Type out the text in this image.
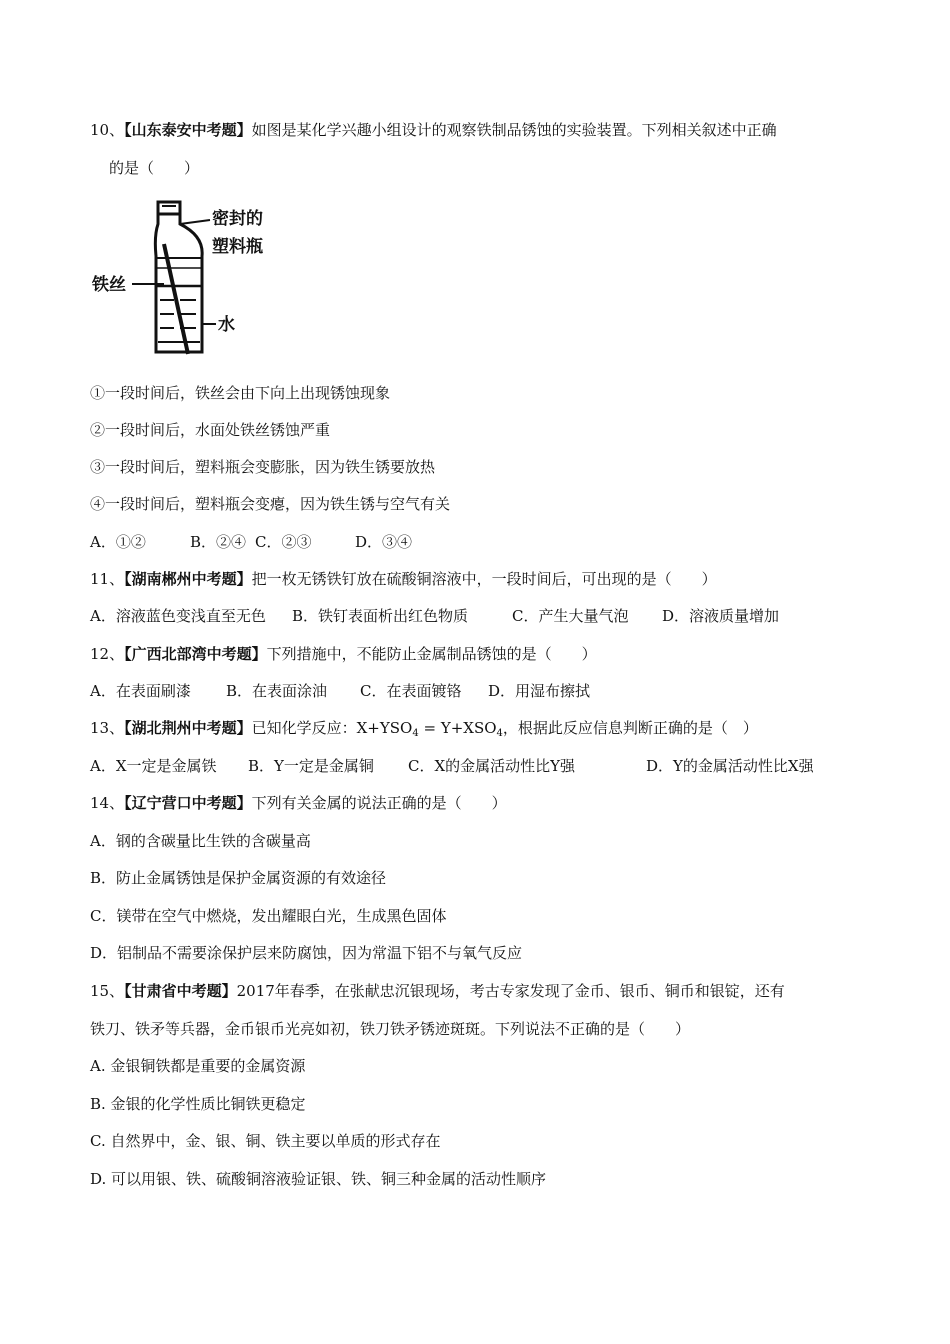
10、【山东泰安中考题】如图是某化学兴趣小组设计的观察铁制品锈蚀的实验装置。下列相关叙述中正确
的是（　　）
密封的
塑料瓶
铁丝
水
①一段时间后，铁丝会由下向上出现锈蚀现象
②一段时间后，水面处铁丝锈蚀严重
③一段时间后，塑料瓶会变膨胀，因为铁生锈要放热
④一段时间后，塑料瓶会变瘪，因为铁生锈与空气有关
A．①②	B．②④ C．②③	D．③④
11、【湖南郴州中考题】把一枚无锈铁钉放在硫酸铜溶液中，一段时间后，可出现的是（　　）
A．溶液蓝色变浅直至无色 B．铁钉表面析出红色物质	C．产生大量气泡 D．溶液质量增加
12、【广西北部湾中考题】下列措施中，不能防止金属制品锈蚀的是（　　）
A．在表面刷漆 B．在表面涂油 C．在表面镀铬 D．用湿布擦拭
13、【湖北荆州中考题】已知化学反应：$X+YSO_4 = Y+XSO_4$，根据此反应信息判断正确的是（　）
A．X一定是金属铁 B．Y一定是金属铜 C．X的金属活动性比Y强	D．Y的金属活动性比X强
14、【辽宁营口中考题】下列有关金属的说法正确的是（　　）
A．钢的含碳量比生铁的含碳量高
B．防止金属锈蚀是保护金属资源的有效途径
C．镁带在空气中燃烧，发出耀眼白光，生成黑色固体
D．铝制品不需要涂保护层来防腐蚀，因为常温下铝不与氧气反应
15、【甘肃省中考题】2017年春季，在张献忠沉银现场，考古专家发现了金币、银币、铜币和银锭，还有
铁刀、铁矛等兵器，金币银币光亮如初，铁刀铁矛锈迹斑斑。下列说法不正确的是（　　）
A. 金银铜铁都是重要的金属资源
B. 金银的化学性质比铜铁更稳定
C. 自然界中，金、银、铜、铁主要以单质的形式存在
D. 可以用银、铁、硫酸铜溶液验证银、铁、铜三种金属的活动性顺序
